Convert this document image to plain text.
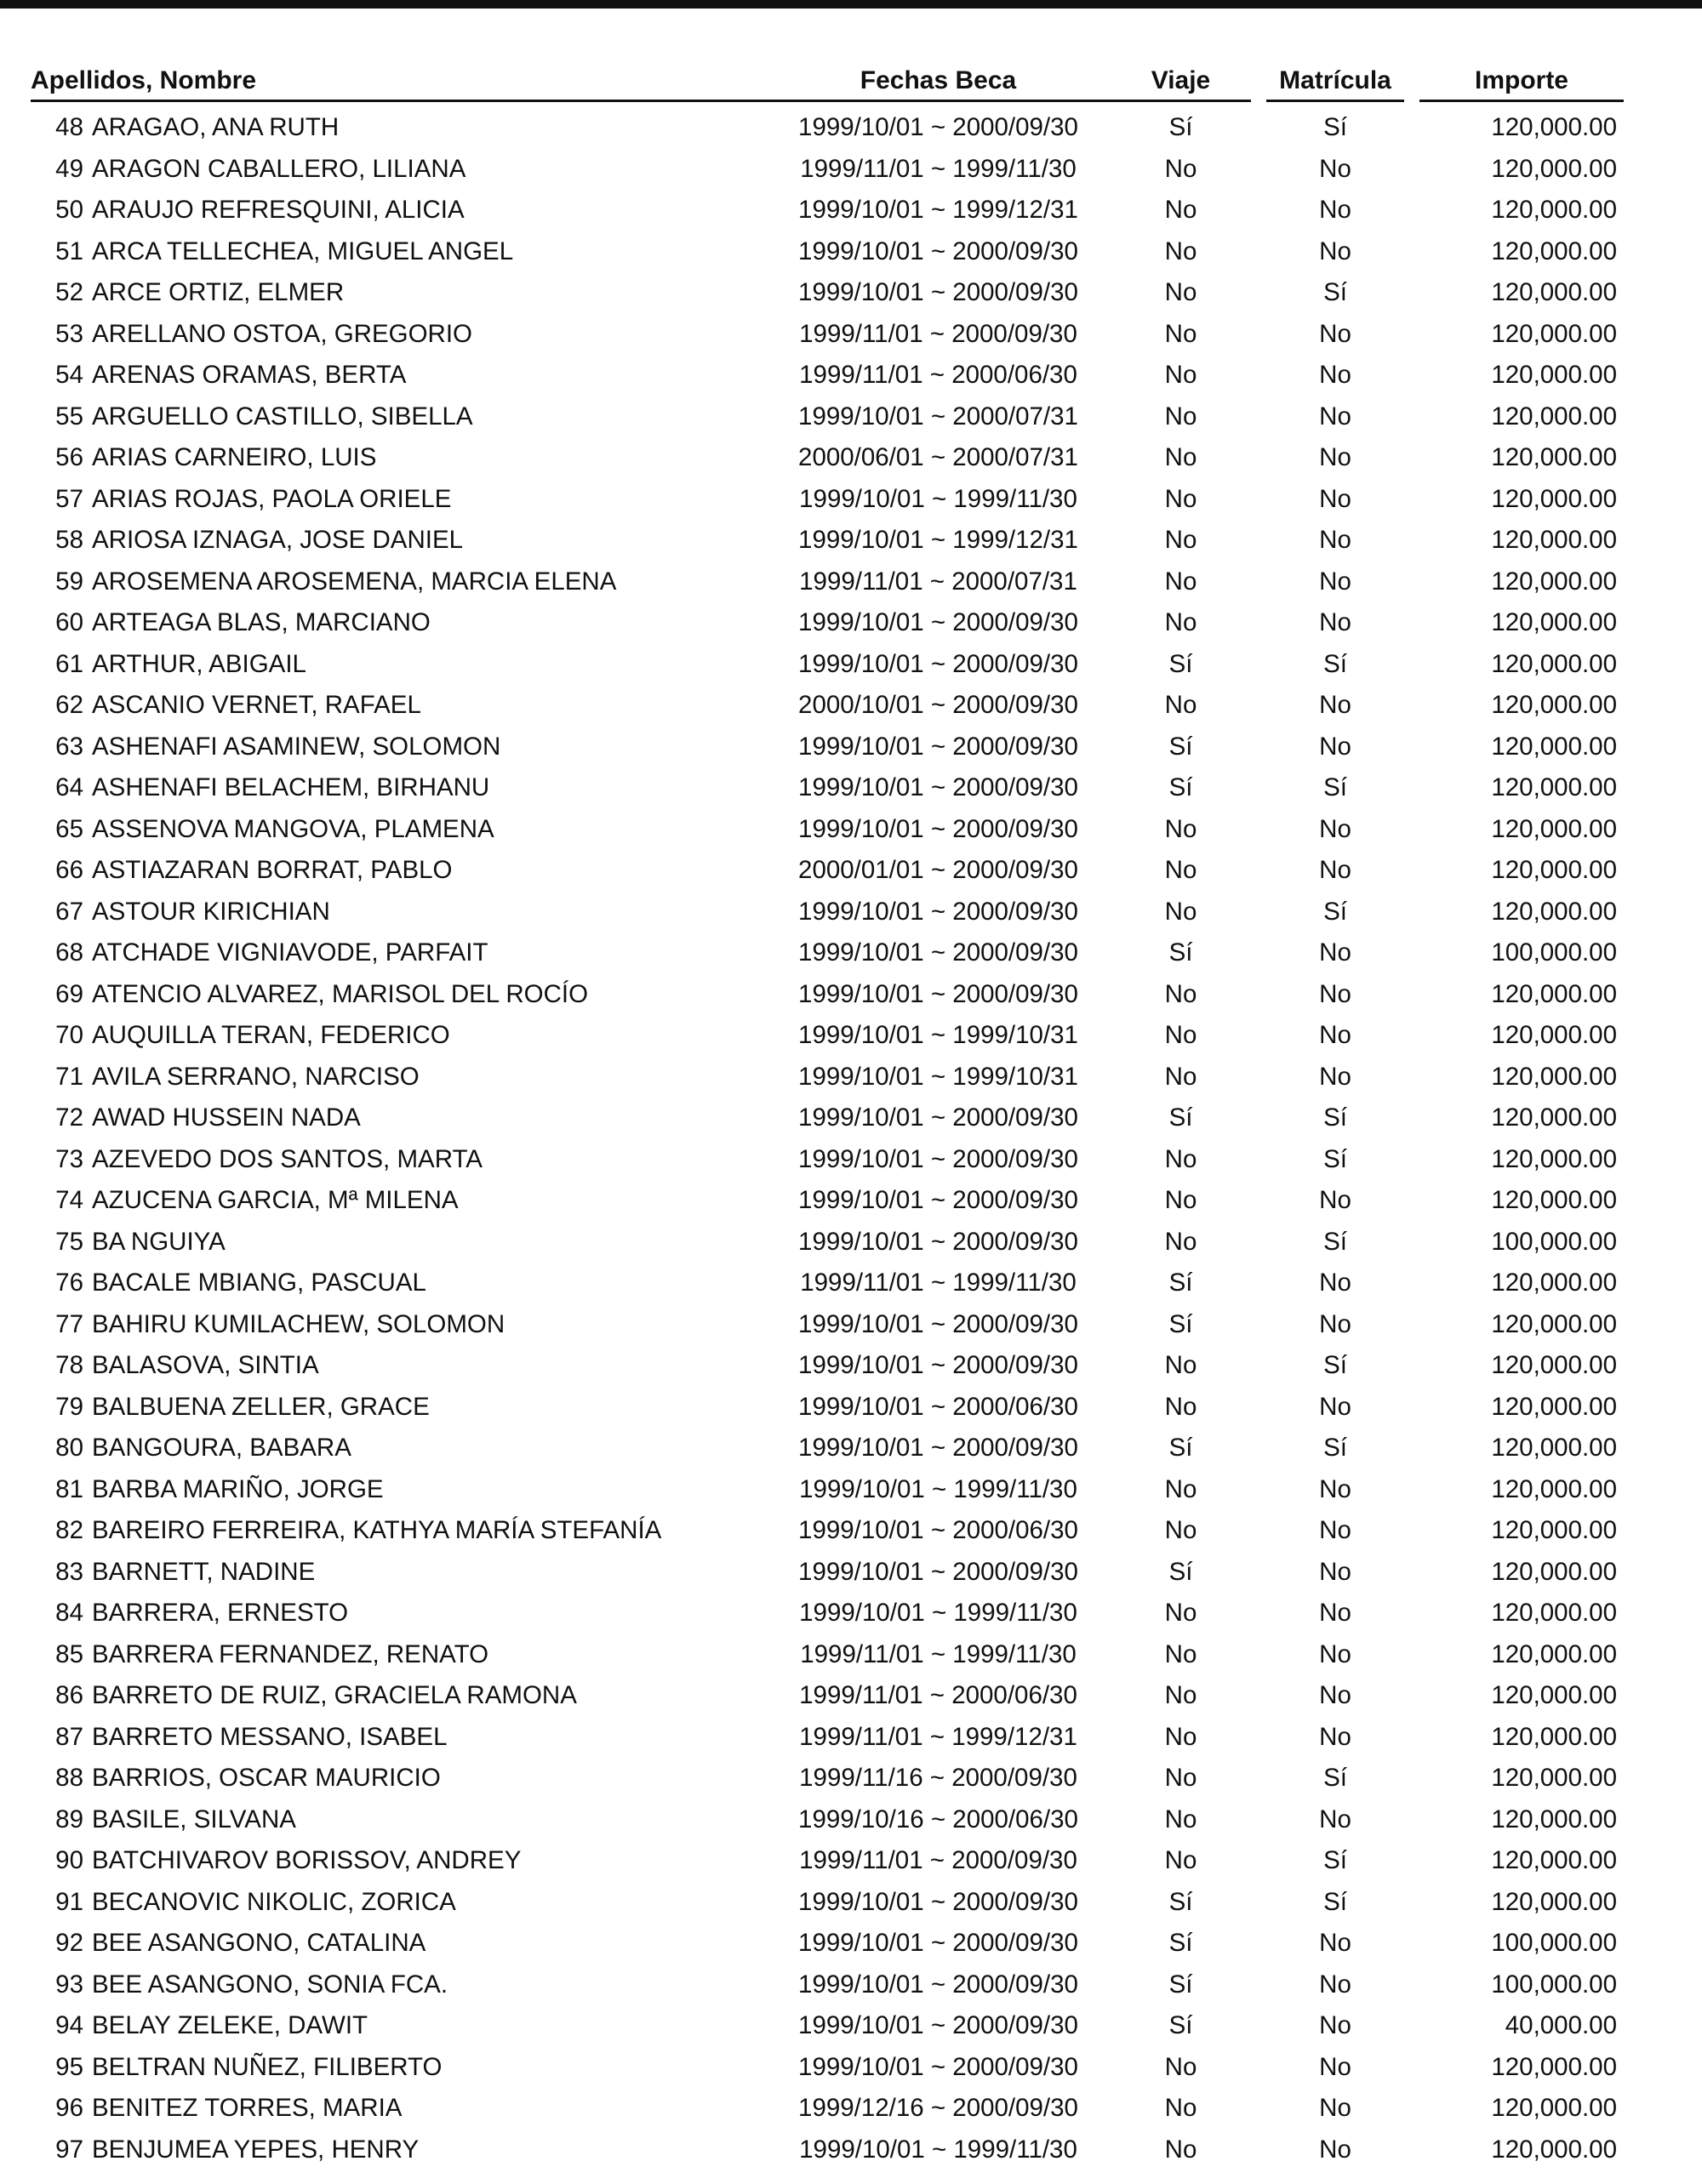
Apellidos, Nombre	Fechas Beca	Viaje	Matrícula	Importe
48 ARAGAO, ANA RUTH	1999/10/01 ~ 2000/09/30	Sí	Sí	120,000.00
49 ARAGON CABALLERO, LILIANA	1999/11/01 ~ 1999/11/30	No	No	120,000.00
50 ARAUJO REFRESQUINI, ALICIA	1999/10/01 ~ 1999/12/31	No	No	120,000.00
51 ARCA TELLECHEA, MIGUEL ANGEL	1999/10/01 ~ 2000/09/30	No	No	120,000.00
52 ARCE ORTIZ, ELMER	1999/10/01 ~ 2000/09/30	No	Sí	120,000.00
53 ARELLANO OSTOA, GREGORIO	1999/11/01 ~ 2000/09/30	No	No	120,000.00
54 ARENAS ORAMAS, BERTA	1999/11/01 ~ 2000/06/30	No	No	120,000.00
55 ARGUELLO CASTILLO, SIBELLA	1999/10/01 ~ 2000/07/31	No	No	120,000.00
56 ARIAS CARNEIRO, LUIS	2000/06/01 ~ 2000/07/31	No	No	120,000.00
57 ARIAS ROJAS, PAOLA ORIELE	1999/10/01 ~ 1999/11/30	No	No	120,000.00
58 ARIOSA IZNAGA, JOSE DANIEL	1999/10/01 ~ 1999/12/31	No	No	120,000.00
59 AROSEMENA AROSEMENA, MARCIA ELENA	1999/11/01 ~ 2000/07/31	No	No	120,000.00
60 ARTEAGA BLAS, MARCIANO	1999/10/01 ~ 2000/09/30	No	No	120,000.00
61 ARTHUR, ABIGAIL	1999/10/01 ~ 2000/09/30	Sí	Sí	120,000.00
62 ASCANIO VERNET, RAFAEL	2000/10/01 ~ 2000/09/30	No	No	120,000.00
63 ASHENAFI ASAMINEW, SOLOMON	1999/10/01 ~ 2000/09/30	Sí	No	120,000.00
64 ASHENAFI BELACHEM, BIRHANU	1999/10/01 ~ 2000/09/30	Sí	Sí	120,000.00
65 ASSENOVA MANGOVA, PLAMENA	1999/10/01 ~ 2000/09/30	No	No	120,000.00
66 ASTIAZARAN BORRAT, PABLO	2000/01/01 ~ 2000/09/30	No	No	120,000.00
67 ASTOUR KIRICHIAN	1999/10/01 ~ 2000/09/30	No	Sí	120,000.00
68 ATCHADE VIGNIAVODE, PARFAIT	1999/10/01 ~ 2000/09/30	Sí	No	100,000.00
69 ATENCIO ALVAREZ, MARISOL DEL ROCÍO	1999/10/01 ~ 2000/09/30	No	No	120,000.00
70 AUQUILLA TERAN, FEDERICO	1999/10/01 ~ 1999/10/31	No	No	120,000.00
71 AVILA SERRANO, NARCISO	1999/10/01 ~ 1999/10/31	No	No	120,000.00
72 AWAD HUSSEIN NADA	1999/10/01 ~ 2000/09/30	Sí	Sí	120,000.00
73 AZEVEDO DOS SANTOS, MARTA	1999/10/01 ~ 2000/09/30	No	Sí	120,000.00
74 AZUCENA GARCIA, Mª MILENA	1999/10/01 ~ 2000/09/30	No	No	120,000.00
75 BA NGUIYA	1999/10/01 ~ 2000/09/30	No	Sí	100,000.00
76 BACALE MBIANG, PASCUAL	1999/11/01 ~ 1999/11/30	Sí	No	120,000.00
77 BAHIRU KUMILACHEW, SOLOMON	1999/10/01 ~ 2000/09/30	Sí	No	120,000.00
78 BALASOVA, SINTIA	1999/10/01 ~ 2000/09/30	No	Sí	120,000.00
79 BALBUENA ZELLER, GRACE	1999/10/01 ~ 2000/06/30	No	No	120,000.00
80 BANGOURA, BABARA	1999/10/01 ~ 2000/09/30	Sí	Sí	120,000.00
81 BARBA MARIÑO, JORGE	1999/10/01 ~ 1999/11/30	No	No	120,000.00
82 BAREIRO FERREIRA, KATHYA MARÍA STEFANÍA	1999/10/01 ~ 2000/06/30	No	No	120,000.00
83 BARNETT, NADINE	1999/10/01 ~ 2000/09/30	Sí	No	120,000.00
84 BARRERA, ERNESTO	1999/10/01 ~ 1999/11/30	No	No	120,000.00
85 BARRERA FERNANDEZ, RENATO	1999/11/01 ~ 1999/11/30	No	No	120,000.00
86 BARRETO DE RUIZ, GRACIELA RAMONA	1999/11/01 ~ 2000/06/30	No	No	120,000.00
87 BARRETO MESSANO, ISABEL	1999/11/01 ~ 1999/12/31	No	No	120,000.00
88 BARRIOS, OSCAR MAURICIO	1999/11/16 ~ 2000/09/30	No	Sí	120,000.00
89 BASILE, SILVANA	1999/10/16 ~ 2000/06/30	No	No	120,000.00
90 BATCHIVAROV BORISSOV, ANDREY	1999/11/01 ~ 2000/09/30	No	Sí	120,000.00
91 BECANOVIC NIKOLIC, ZORICA	1999/10/01 ~ 2000/09/30	Sí	Sí	120,000.00
92 BEE ASANGONO, CATALINA	1999/10/01 ~ 2000/09/30	Sí	No	100,000.00
93 BEE ASANGONO, SONIA FCA.	1999/10/01 ~ 2000/09/30	Sí	No	100,000.00
94 BELAY ZELEKE, DAWIT	1999/10/01 ~ 2000/09/30	Sí	No	40,000.00
95 BELTRAN NUÑEZ, FILIBERTO	1999/10/01 ~ 2000/09/30	No	No	120,000.00
96 BENITEZ TORRES, MARIA	1999/12/16 ~ 2000/09/30	No	No	120,000.00
97 BENJUMEA YEPES, HENRY	1999/10/01 ~ 1999/11/30	No	No	120,000.00
